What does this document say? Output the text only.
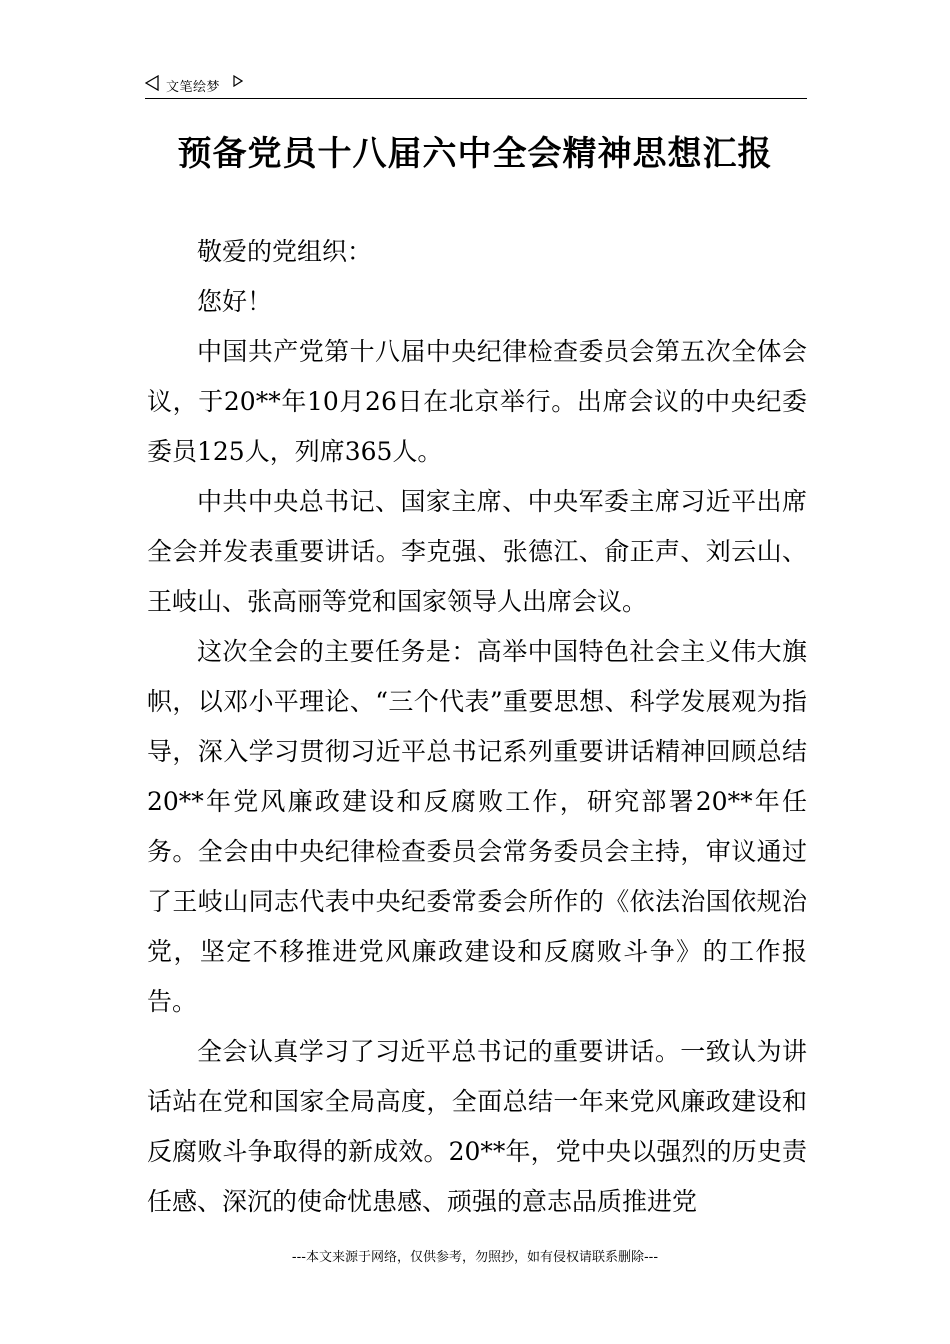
文笔绘梦
预备党员十八届六中全会精神思想汇报

敬爱的党组织：

您好！

中国共产党第十八届中央纪律检查委员会第五次全体会议，于20**年10月26日在北京举行。出席会议的中央纪委委员125人，列席365人。

中共中央总书记、国家主席、中央军委主席习近平出席全会并发表重要讲话。李克强、张德江、俞正声、刘云山、王岐山、张高丽等党和国家领导人出席会议。

这次全会的主要任务是：高举中国特色社会主义伟大旗帜，以邓小平理论、“三个代表”重要思想、科学发展观为指导，深入学习贯彻习近平总书记系列重要讲话精神回顾总结20**年党风廉政建设和反腐败工作，研究部署20**年任务。全会由中央纪律检查委员会常务委员会主持，审议通过了王岐山同志代表中央纪委常委会所作的《依法治国依规治党，坚定不移推进党风廉政建设和反腐败斗争》的工作报告。

全会认真学习了习近平总书记的重要讲话。一致认为讲话站在党和国家全局高度，全面总结一年来党风廉政建设和反腐败斗争取得的新成效。20**年，党中央以强烈的历史责任感、深沉的使命忧患感、顽强的意志品质推进党

---本文来源于网络，仅供参考，勿照抄，如有侵权请联系删除---
